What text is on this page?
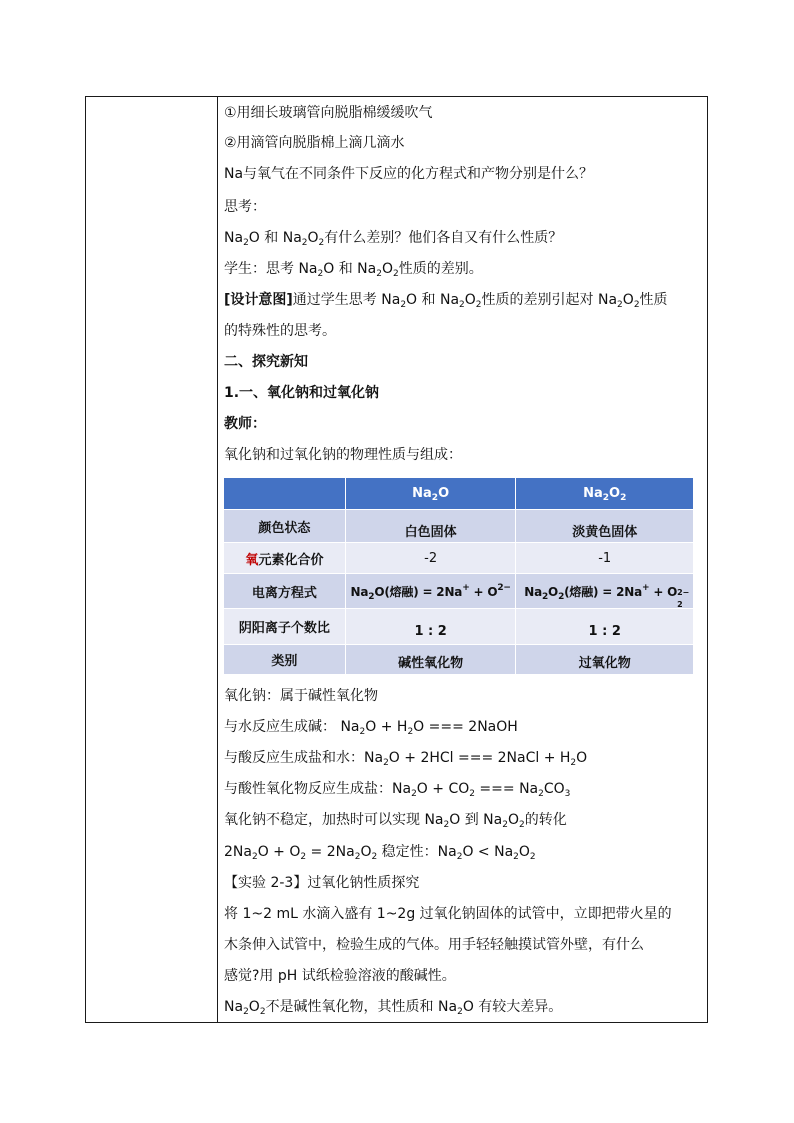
①用细长玻璃管向脱脂棉缓缓吹气
②用滴管向脱脂棉上滴几滴水
Na与氧气在不同条件下反应的化方程式和产物分别是什么？
思考：
$Na_2O$ 和 $Na_2O_2$有什么差别？他们各自又有什么性质？
学生：思考 $Na_2O$ 和 $Na_2O_2$性质的差别。
[设计意图]通过学生思考 $Na_2O$ 和 $Na_2O_2$性质的差别引起对 $Na_2O_2$性质
的特殊性的思考。
二、探究新知
1.一、氧化钠和过氧化钠
教师：
氧化钠和过氧化钠的物理性质与组成：
	$Na_2O$	$Na_2O_2$
颜色状态	白色固体	淡黄色固体
氧元素化合价	-2	-1
电离方程式	$Na_2O$(熔融) = $2Na^+ + O^{2-}$	$Na_2O_2$(熔融) = 2Na+ + O 2−
2

阴阳离子个数比	1 : 2	1 : 2
类别	碱性氧化物	过氧化物
氧化钠：属于碱性氧化物
与水反应生成碱： $Na_2O + H_2O$ === 2NaOH
与酸反应生成盐和水：$Na_2O + 2HCl$ === 2NaCl + $H_2O$
与酸性氧化物反应生成盐：$Na_2O + CO_2$ === $Na_2CO_3$
氧化钠不稳定，加热时可以实现 $Na_2O$ 到 $Na_2O_2$的转化
$2Na_2O + O_2 = 2Na_2O_2$ 稳定性：$Na_2O < Na_2O_2$
【实验 2-3】过氧化钠性质探究
将 1~2 mL 水滴入盛有 1~2g 过氧化钠固体的试管中，立即把带火星的
木条伸入试管中，检验生成的气体。用手轻轻触摸试管外壁，有什么
感觉?用 pH 试纸检验溶液的酸碱性。
$Na_2O_2$不是碱性氧化物，其性质和 $Na_2O$ 有较大差异。
